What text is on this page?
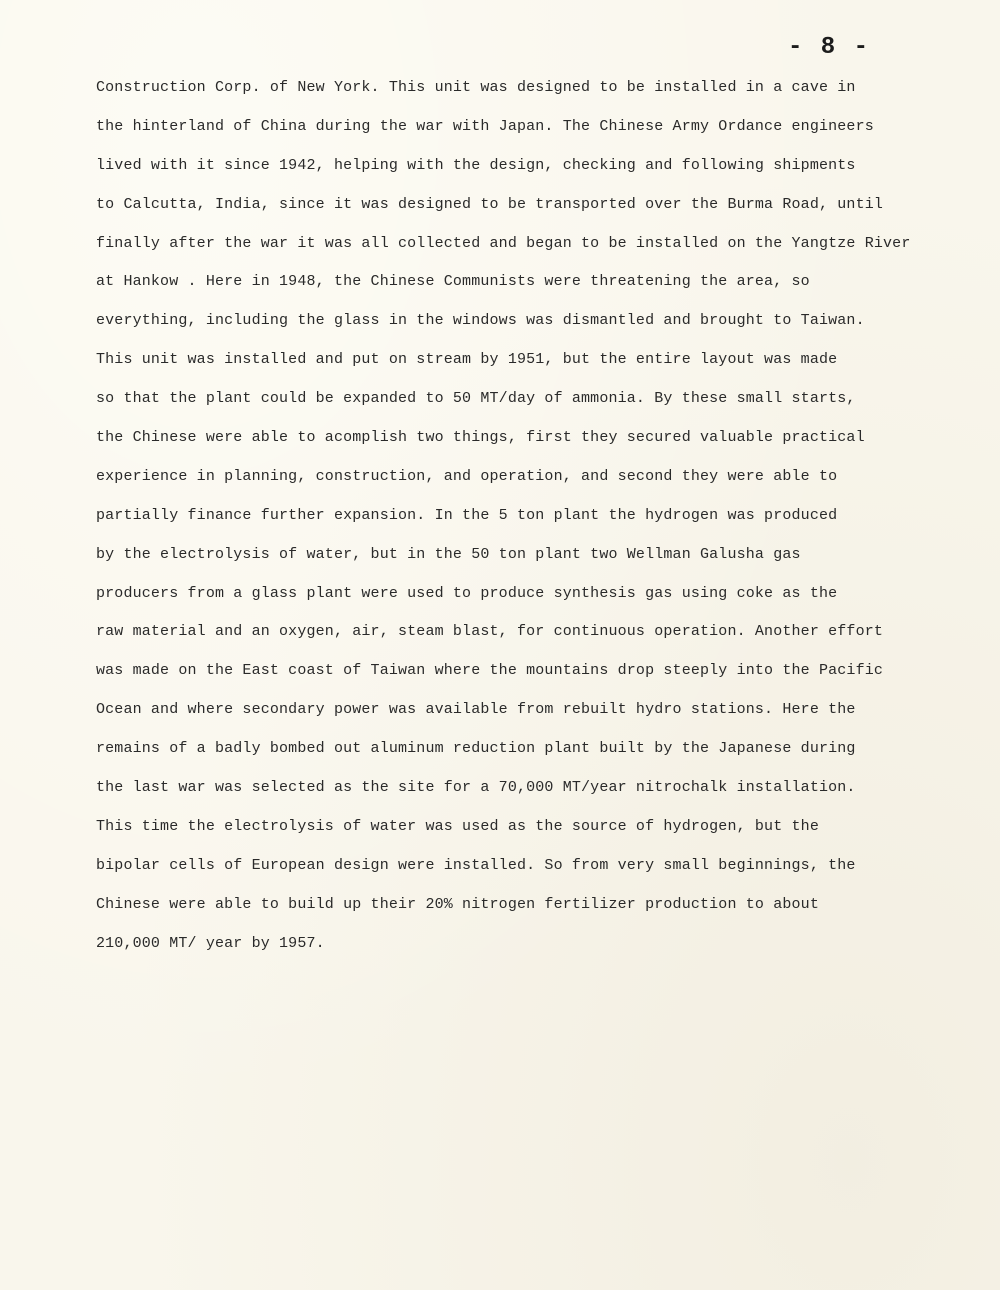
- 8 -
Construction Corp. of New York. This unit was designed to be installed in a cave in
the hinterland of China during the war with Japan. The Chinese Army Ordance engineers
lived with it since 1942, helping with the design, checking and following shipments
to Calcutta, India, since it was designed to be transported over the Burma Road, until
finally after the war it was all collected and began to be installed on the Yangtze River
at Hankow . Here in 1948, the Chinese Communists were threatening the area, so
everything, including the glass in the windows was dismantled and brought to Taiwan.
This unit was installed and put on stream by 1951, but the entire layout was made
so that the plant could be expanded to 50 MT/day of ammonia. By these small starts,
the Chinese were able to acomplish two things, first they secured valuable practical
experience in planning, construction, and operation, and second they were able to
partially finance further expansion. In the 5 ton plant the hydrogen was produced
by the electrolysis of water, but in the 50 ton plant two Wellman Galusha gas
producers from a glass plant were used to produce synthesis gas using coke as the
raw material and an oxygen, air, steam blast, for continuous operation. Another effort
was made on the East coast of Taiwan where the mountains drop steeply into the Pacific
Ocean and where secondary power was available from rebuilt hydro stations. Here the
remains of a badly bombed out aluminum reduction plant built by the Japanese during
the last war was selected as the site for a 70,000 MT/year nitrochalk installation.
This time the electrolysis of water was used as the source of hydrogen, but the
bipolar cells of European design were installed. So from very small beginnings, the
Chinese were able to build up their 20% nitrogen fertilizer production to about
210,000 MT/ year by 1957.
